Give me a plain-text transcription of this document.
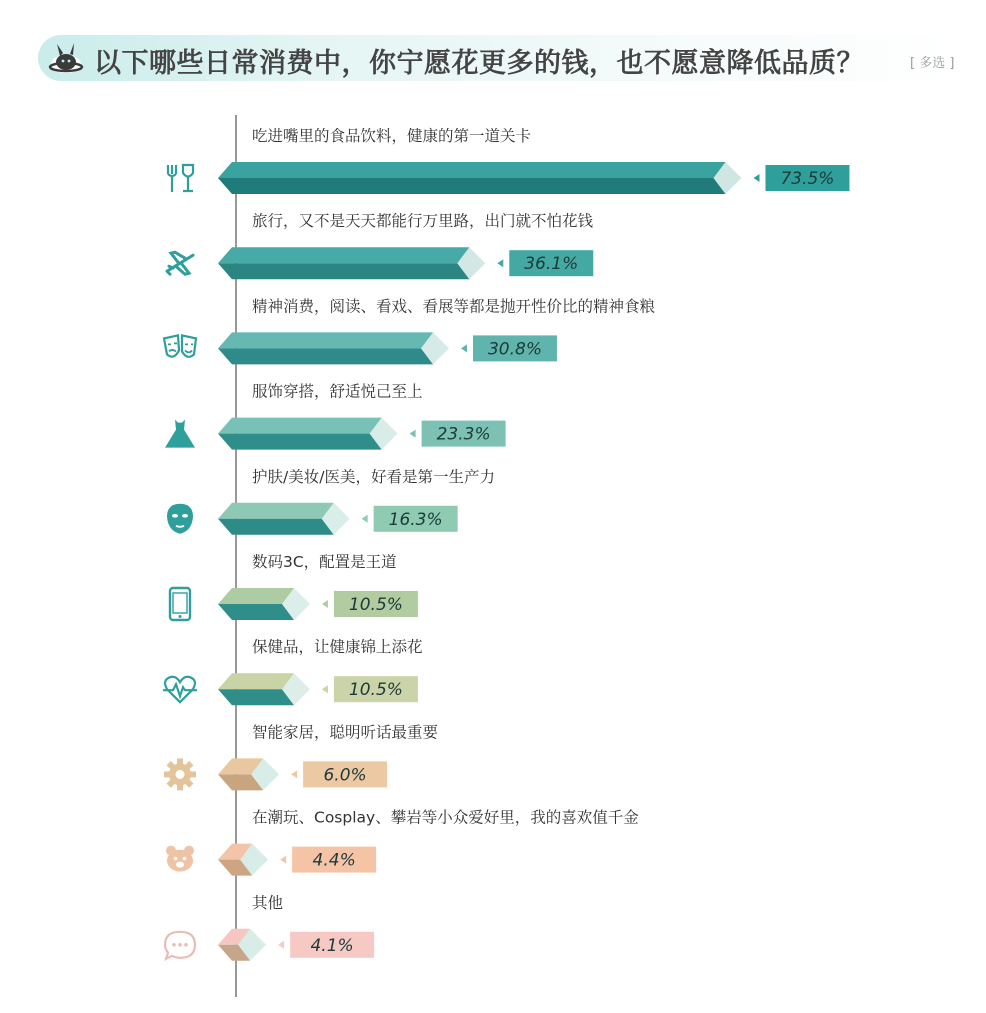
以下哪些日常消费中，你宁愿花更多的钱，也不愿意降低品质？	[ 多选 ]
吃进嘴里的食品饮料，健康的第一道关卡
73.5%
旅行，又不是天天都能行万里路，出门就不怕花钱
36.1%
精神消费，阅读、看戏、看展等都是抛开性价比的精神食粮
30.8%
服饰穿搭，舒适悦己至上
23.3%
护肤/美妆/医美，好看是第一生产力
16.3%
数码3C，配置是王道
10.5%
保健品，让健康锦上添花
10.5%
智能家居，聪明听话最重要
6.0%
在潮玩、Cosplay、攀岩等小众爱好里，我的喜欢值千金
4.4%
其他
4.1%
